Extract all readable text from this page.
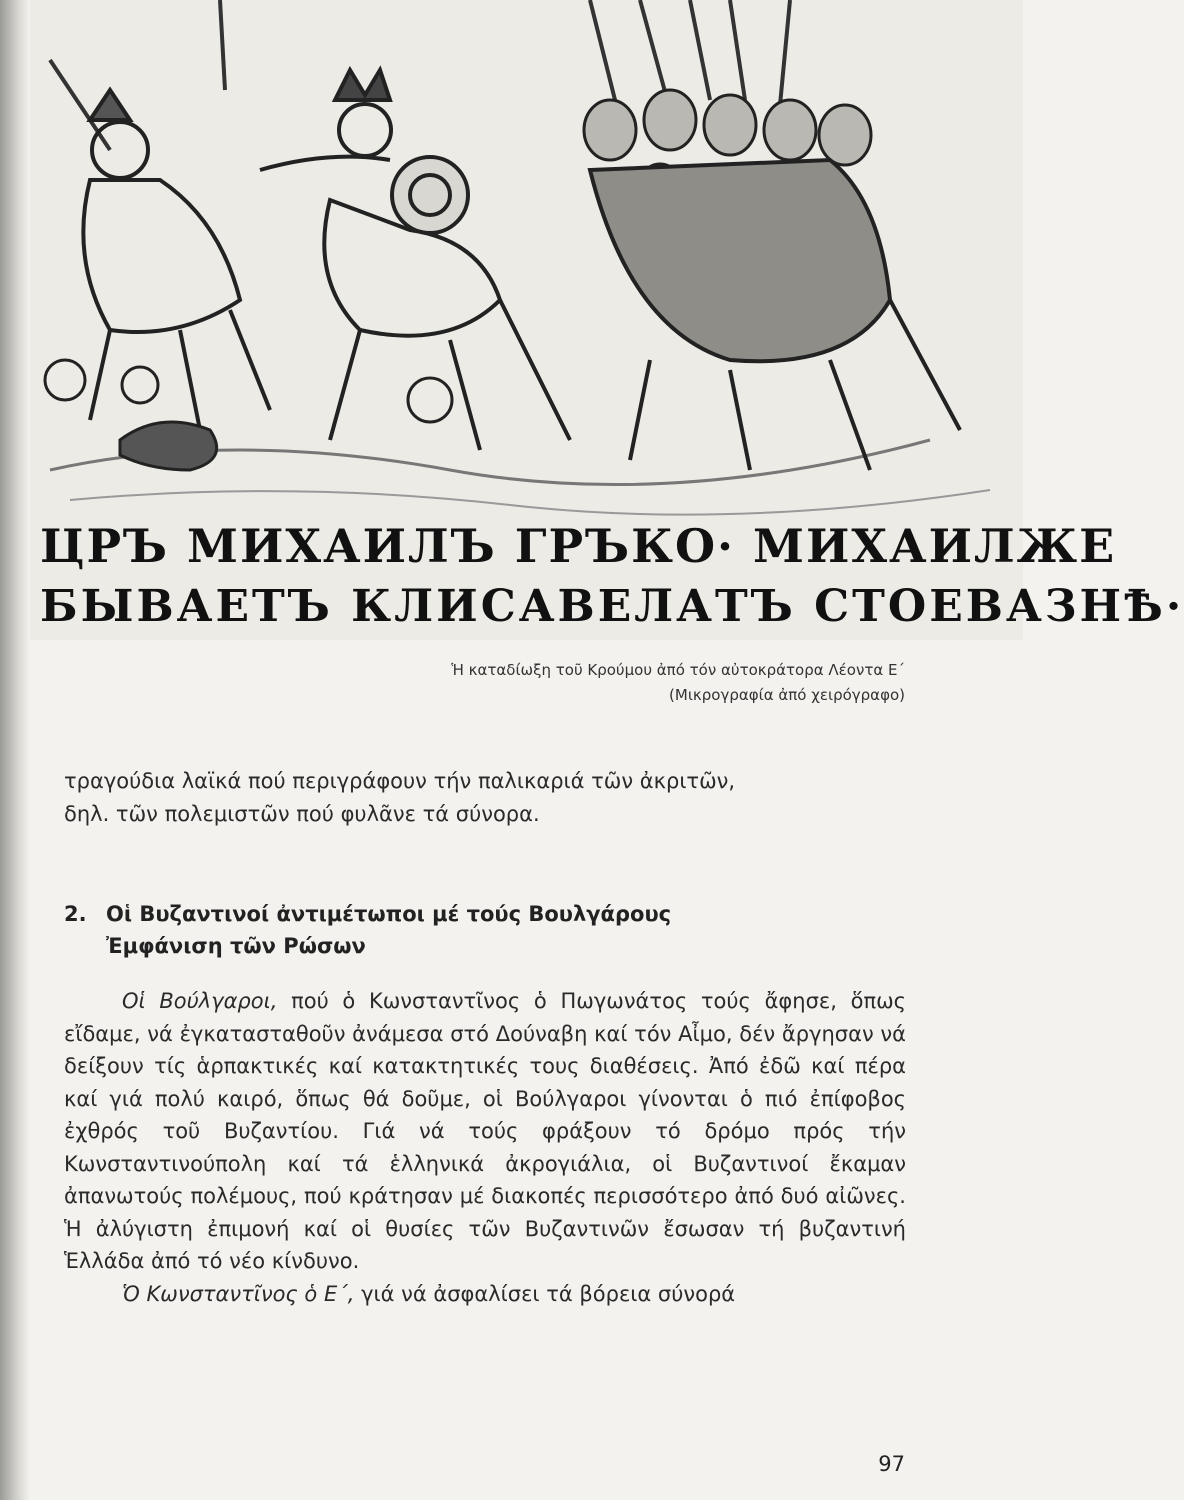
ЦРЪ МИХАИЛЪ ГРЪКО· МИХАИЛЖЕ
БЫВАЕТЪ КЛИСАВЕЛАТЪ СТОЕВАЗНѢ·
Ἡ καταδίωξη τοῦ Κρούμου ἀπό τόν αὐτοκράτορα Λέοντα Ε΄
(Μικρογραφία ἀπό χειρόγραφο)
τραγούδια λαϊκά πού περιγράφουν τήν παλικαριά τῶν ἀκριτῶν,
δηλ. τῶν πολεμιστῶν πού φυλᾶνε τά σύνορα.
2. Οἱ Βυζαντινοί ἀντιμέτωποι μέ τούς Βουλγάρους
Ἐμφάνιση τῶν Ρώσων

Οἱ Βούλγαροι, πού ὁ Κωνσταντῖνος ὁ Πωγωνάτος τούς ἄφησε, ὅπως εἴδαμε, νά ἐγκατασταθοῦν ἀνάμεσα στό Δούναβη καί τόν Αἶμο, δέν ἄργησαν νά δείξουν τίς ἁρπακτικές καί κατακτητικές τους διαθέσεις. Ἀπό ἐδῶ καί πέρα καί γιά πολύ καιρό, ὅπως θά δοῦμε, οἱ Βούλγαροι γίνονται ὁ πιό ἐπίφοβος ἐχθρός τοῦ Βυζαντίου. Γιά νά τούς φράξουν τό δρόμο πρός τήν Κωνσταντινούπολη καί τά ἑλληνικά ἀκρογιάλια, οἱ Βυζαντινοί ἔκαμαν ἀπανωτούς πολέμους, πού κράτησαν μέ διακοπές περισσότερο ἀπό δυό αἰῶνες. Ἡ ἀλύγιστη ἐπιμονή καί οἱ θυσίες τῶν Βυζαντινῶν ἔσωσαν τή βυζαντινή Ἑλλάδα ἀπό τό νέο κίνδυνο.

Ὁ Κωνσταντῖνος ὁ Ε΄, γιά νά ἀσφαλίσει τά βόρεια σύνορά

97
